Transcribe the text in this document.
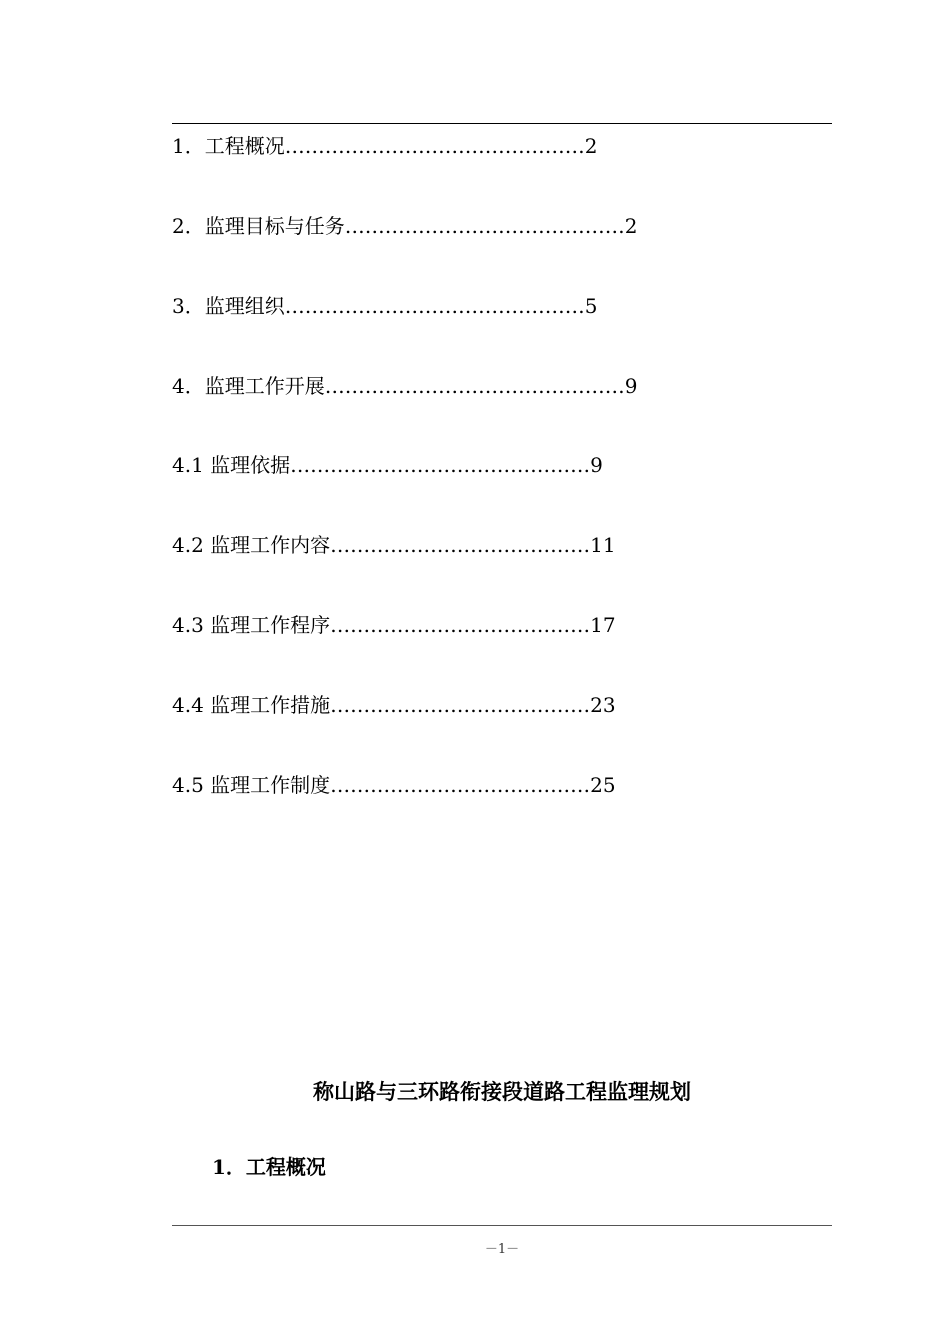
1．工程概况………………………………………2
2．监理目标与任务……………………………………2
3．监理组织………………………………………5
4．监理工作开展………………………………………9
4.1 监理依据………………………………………9
4.2 监理工作内容…………………………………11
4.3 监理工作程序…………………………………17
4.4 监理工作措施…………………………………23
4.5 监理工作制度…………………………………25
称山路与三环路衔接段道路工程监理规划
1．工程概况
－1－
